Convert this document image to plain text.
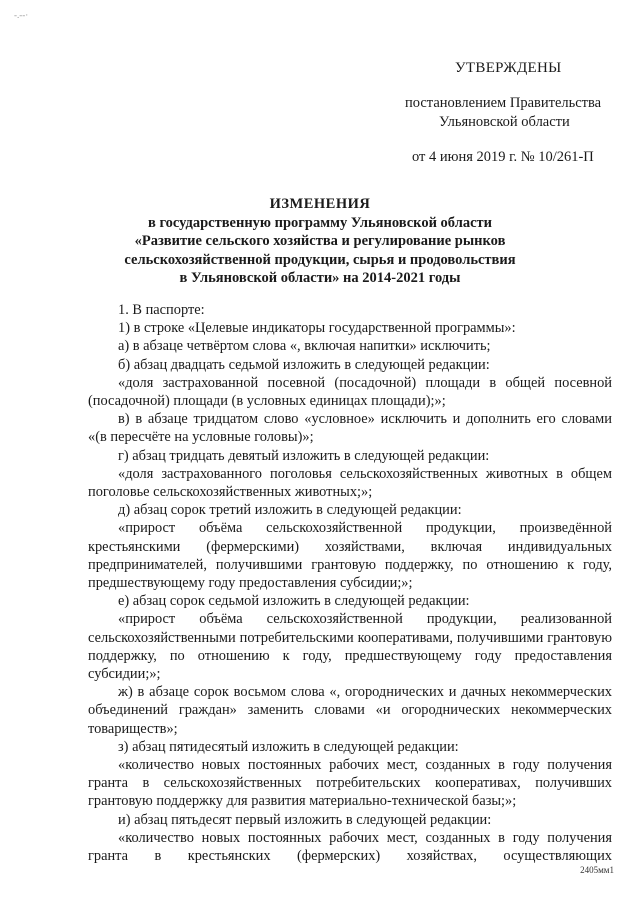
-.--·
УТВЕРЖДЕНЫ
постановлением Правительства
Ульяновской области
от 4 июня 2019 г. № 10/261-П
ИЗМЕНЕНИЯ
в государственную программу Ульяновской области
«Развитие сельского хозяйства и регулирование рынков
сельскохозяйственной продукции, сырья и продовольствия
в Ульяновской области» на 2014-2021 годы

1. В паспорте:

1) в строке «Целевые индикаторы государственной программы»:

а) в абзаце четвёртом слова «, включая напитки» исключить;

б) абзац двадцать седьмой изложить в следующей редакции:

«доля застрахованной посевной (посадочной) площади в общей посевной (посадочной) площади (в условных единицах площади);»;

в) в абзаце тридцатом слово «условное» исключить и дополнить его словами «(в пересчёте на условные головы)»;

г) абзац тридцать девятый изложить в следующей редакции:

«доля застрахованного поголовья сельскохозяйственных животных в общем поголовье сельскохозяйственных животных;»;

д) абзац сорок третий изложить в следующей редакции:

«прирост объёма сельскохозяйственной продукции, произведённой крестьянскими (фермерскими) хозяйствами, включая индивидуальных предпринимателей, получившими грантовую поддержку, по отношению к году, предшествующему году предоставления субсидии;»;

е) абзац сорок седьмой изложить в следующей редакции:

«прирост объёма сельскохозяйственной продукции, реализованной сельскохозяйственными потребительскими кооперативами, получившими грантовую поддержку, по отношению к году, предшествующему году предоставления субсидии;»;

ж) в абзаце сорок восьмом слова «, огороднических и дачных некоммерческих объединений граждан» заменить словами «и огороднических некоммерческих товариществ»;

з) абзац пятидесятый изложить в следующей редакции:

«количество новых постоянных рабочих мест, созданных в году получения гранта в сельскохозяйственных потребительских кооперативах, получивших грантовую поддержку для развития материально-технической базы;»;

и) абзац пятьдесят первый изложить в следующей редакции:

«количество новых постоянных рабочих мест, созданных в году получения гранта в крестьянских (фермерских) хозяйствах, осуществляющих

2405мм1
